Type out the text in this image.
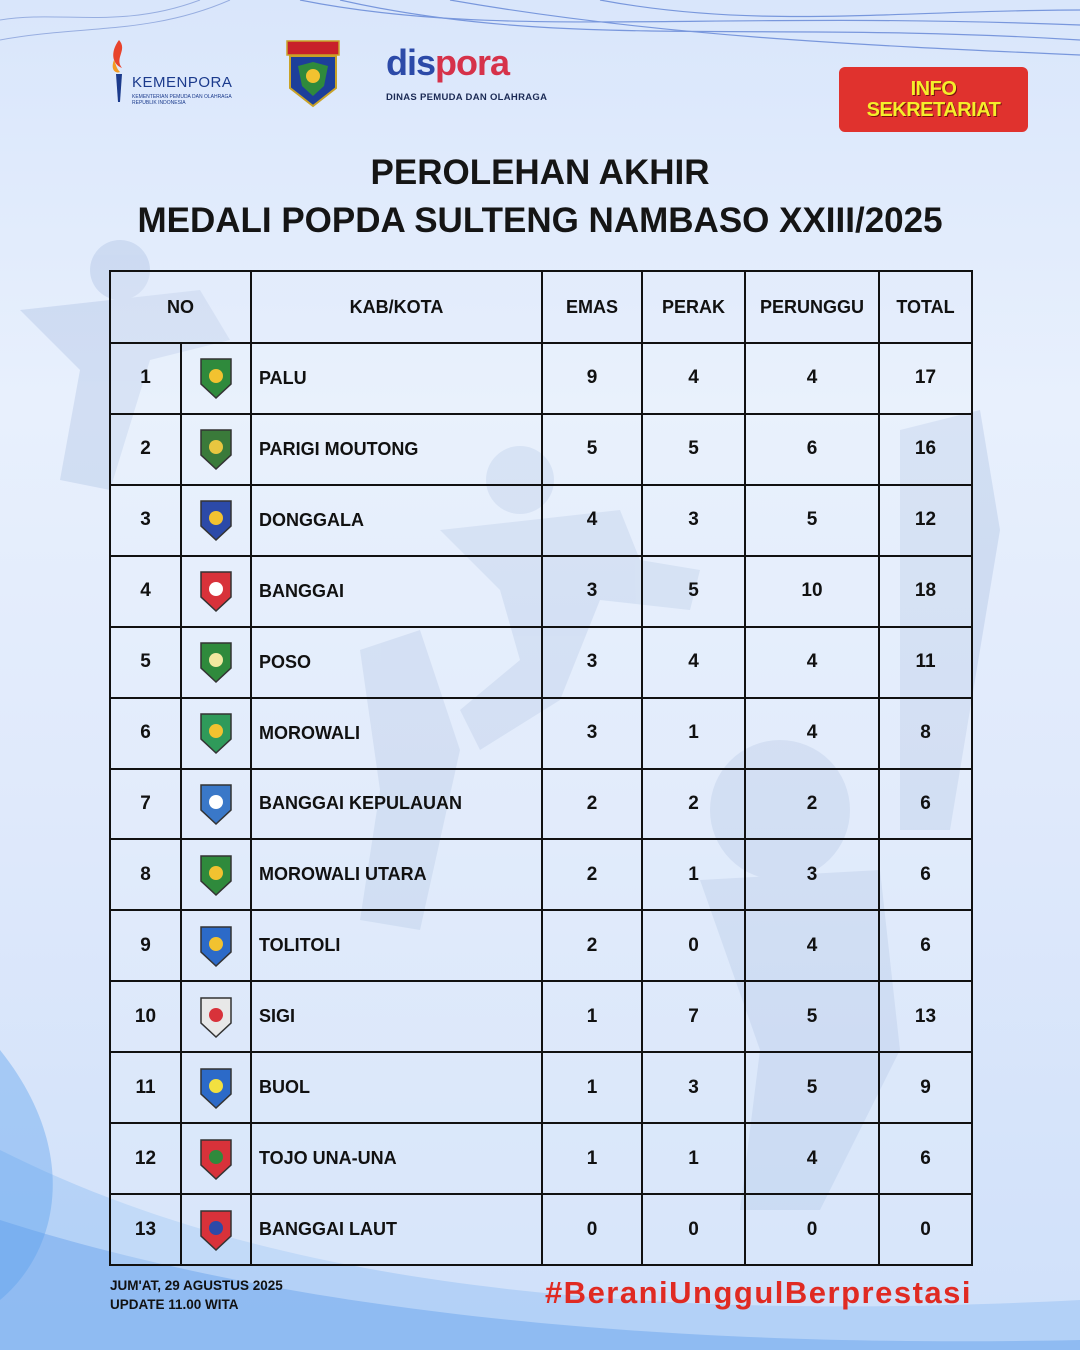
KEMENPORA
KEMENTERIAN PEMUDA DAN OLAHRAGA REPUBLIK INDONESIA
dispora
DINAS PEMUDA DAN OLAHRAGA	INFO
SEKRETARIAT
PEROLEHAN AKHIR
MEDALI POPDA SULTENG NAMBASO XXIII/2025
NO		KAB/KOTA	EMAS	PERAK	PERUNGGU	TOTAL
1		PALU	9	4	4	17
2		PARIGI MOUTONG	5	5	6	16
3		DONGGALA	4	3	5	12
4		BANGGAI	3	5	10	18
5		POSO	3	4	4	11
6		MOROWALI	3	1	4	8
7		BANGGAI KEPULAUAN	2	2	2	6
8		MOROWALI UTARA	2	1	3	6
9		TOLITOLI	2	0	4	6
10		SIGI	1	7	5	13
11		BUOL	1	3	5	9
12		TOJO UNA-UNA	1	1	4	6
13		BANGGAI LAUT	0	0	0	0
JUM'AT, 29 AGUSTUS 2025
UPDATE 11.00 WITA	#BeraniUnggulBerprestasi
